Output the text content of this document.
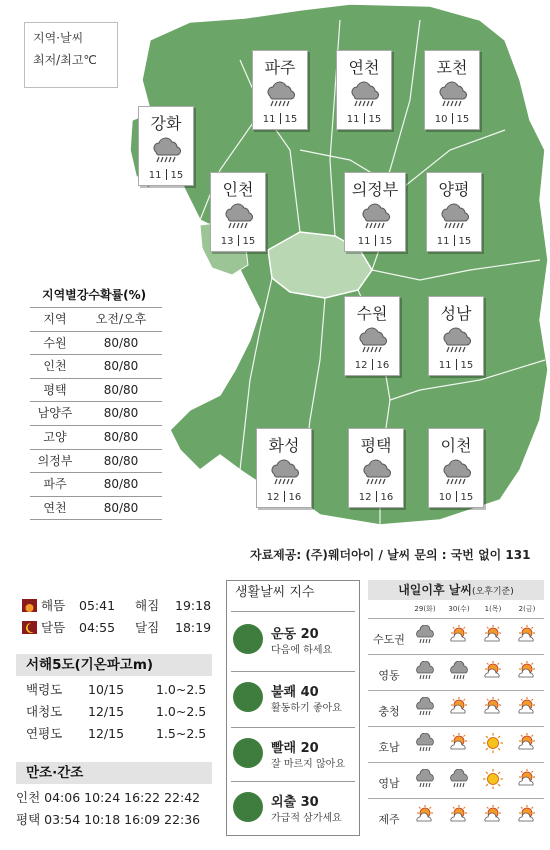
지역·날씨
최저/최고℃	파주
11 15
연천
11 15
포천
10 15
강화
11 15
인천
13 15
의정부
11 15
양평
11 15
수원
12 16
성남
11 15
화성
12 16
평택
12 16
이천
10 15
지역별강수확률(%)
지역	오전/오후
수원	80/80
인천	80/80
평택	80/80
남양주	80/80
고양	80/80
의정부	80/80
파주	80/80
연천	80/80
자료제공: (주)웨더아이 / 날씨 문의 : 국번 없이 131
해뜸 05:41 해짐 19:18
달뜸 04:55 달짐 18:19
서해5도(기온파고m)
백령도	10/15	1.0~2.5
대청도	12/15	1.0~2.5
연평도	12/15	1.5~2.5
만조·간조
인천 04:06 10:24 16:22 22:42
평택 03:54 10:18 16:09 22:36
생활날씨 지수
운동 20
다음에 하세요
불쾌 40
활동하기 좋아요
빨래 20
잘 마르지 않아요
외출 30
가급적 삼가세요
내일이후 날씨(오후기준)
29(화)	30(수)	1(목)	2(금)
수도권
영동
충청
호남
영남
제주
